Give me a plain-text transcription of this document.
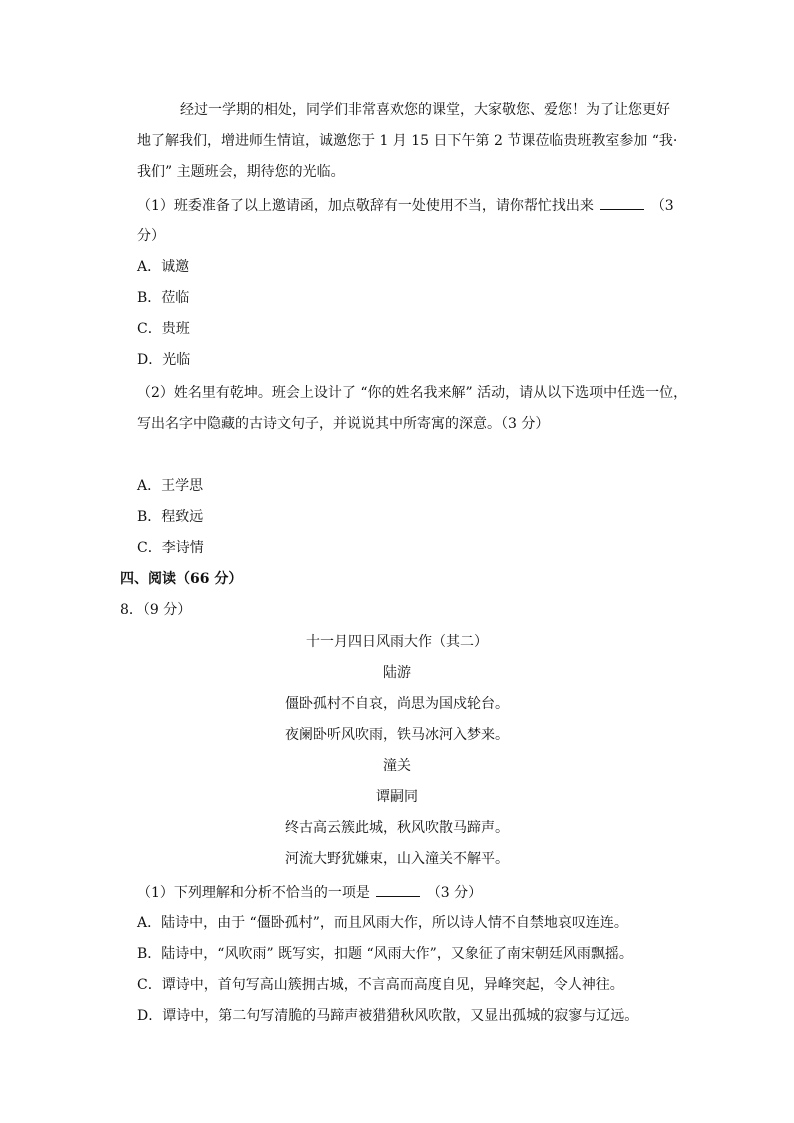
经过一学期的相处，同学们非常喜欢您的课堂，大家敬您、爱您！为了让您更好
地了解我们，增进师生情谊，诚邀您于 1 月 15 日下午第 2 节课莅临贵班教室参加 “我·
我们” 主题班会，期待您的光临。
（1）班委准备了以上邀请函，加点敬辞有一处使用不当，请你帮忙找出来	（3
分）
A．诚邀
B．莅临
C．贵班
D．光临
（2）姓名里有乾坤。班会上设计了 “你的姓名我来解” 活动，请从以下选项中任选一位，
写出名字中隐藏的古诗文句子，并说说其中所寄寓的深意。（3 分）
A．王学思
B．程致远
C．李诗情
四、阅读（66 分）
8．（9 分）
十一月四日风雨大作（其二）
陆游
僵卧孤村不自哀，尚思为国戍轮台。
夜阑卧听风吹雨，铁马冰河入梦来。
潼关
谭嗣同
终古高云簇此城，秋风吹散马蹄声。
河流大野犹嫌束，山入潼关不解平。
（1）下列理解和分析不恰当的一项是	（3 分）
A．陆诗中，由于 “僵卧孤村”，而且风雨大作，所以诗人情不自禁地哀叹连连。
B．陆诗中，“风吹雨” 既写实，扣题 “风雨大作”，又象征了南宋朝廷风雨飘摇。
C．谭诗中，首句写高山簇拥古城，不言高而高度自见，异峰突起，令人神往。
D．谭诗中，第二句写清脆的马蹄声被猎猎秋风吹散，又显出孤城的寂寥与辽远。
